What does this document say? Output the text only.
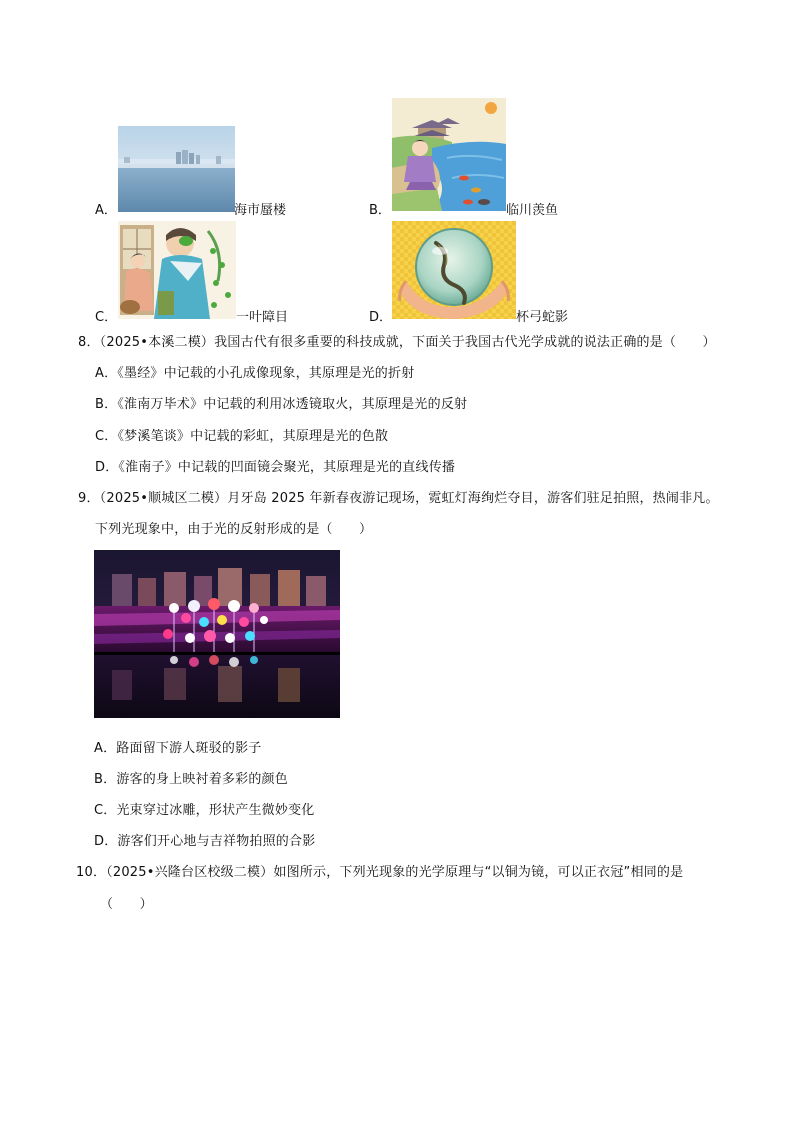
A．	海市蜃楼	B．	临川羡鱼
C．	一叶障目	D．	杯弓蛇影
8．（2025•本溪二模）我国古代有很多重要的科技成就，下面关于我国古代光学成就的说法正确的是（　　）
A．《墨经》中记载的小孔成像现象，其原理是光的折射
B．《淮南万毕术》中记载的利用冰透镜取火，其原理是光的反射
C．《梦溪笔谈》中记载的彩虹，其原理是光的色散
D．《淮南子》中记载的凹面镜会聚光，其原理是光的直线传播
9．（2025•顺城区二模）月牙岛 2025 年新春夜游记现场，霓虹灯海绚烂夺目，游客们驻足拍照，热闹非凡。
下列光现象中，由于光的反射形成的是（　　）
A．路面留下游人斑驳的影子
B．游客的身上映衬着多彩的颜色
C．光束穿过冰雕，形状产生微妙变化
D．游客们开心地与吉祥物拍照的合影
10．（2025•兴隆台区校级二模）如图所示，下列光现象的光学原理与“以铜为镜，可以正衣冠”相同的是
（　　）
